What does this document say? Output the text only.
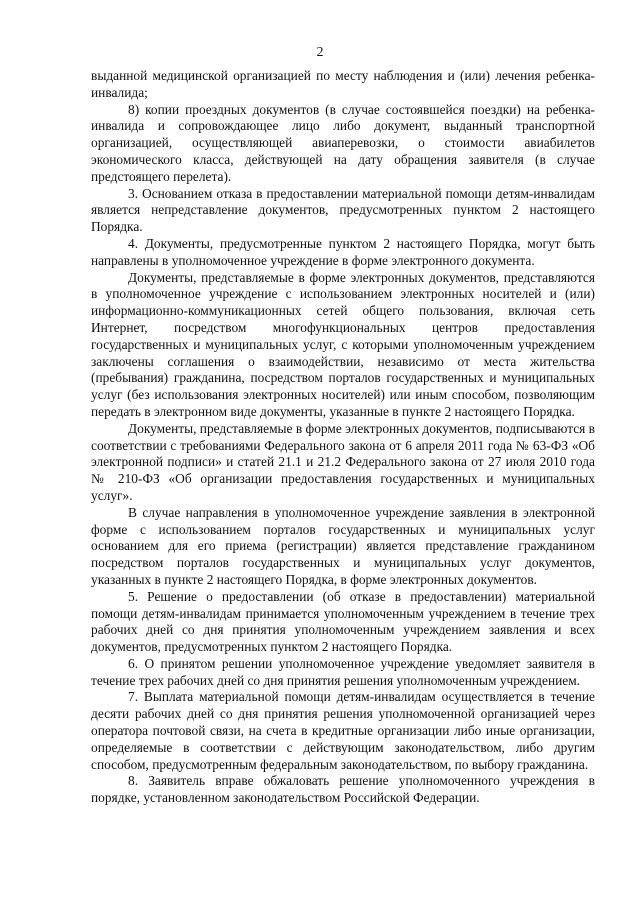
2

выданной медицинской организацией по месту наблюдения и (или) лечения ребенка-инвалида;

8) копии проездных документов (в случае состоявшейся поездки) на ребенка-инвалида и сопровождающее лицо либо документ, выданный транспортной организацией, осуществляющей авиаперевозки, о стоимости авиабилетов экономического класса, действующей на дату обращения заявителя (в случае предстоящего перелета).

3. Основанием отказа в предоставлении материальной помощи детям-инвалидам является непредставление документов, предусмотренных пунктом 2 настоящего Порядка.

4. Документы, предусмотренные пунктом 2 настоящего Порядка, могут быть направлены в уполномоченное учреждение в форме электронного документа.

Документы, представляемые в форме электронных документов, представляются в уполномоченное учреждение с использованием электронных носителей и (или) информационно-коммуникационных сетей общего пользования, включая сеть Интернет, посредством многофункциональных центров предоставления государственных и муниципальных услуг, с которыми уполномоченным учреждением заключены соглашения о взаимодействии, независимо от места жительства (пребывания) гражданина, посредством порталов государственных и муниципальных услуг (без использования электронных носителей) или иным способом, позволяющим передать в электронном виде документы, указанные в пункте 2 настоящего Порядка.

Документы, представляемые в форме электронных документов, подписываются в соответствии с требованиями Федерального закона от 6 апреля 2011 года № 63-ФЗ «Об электронной подписи» и статей 21.1 и 21.2 Федерального закона от 27 июля 2010 года № 210-ФЗ «Об организации предоставления государственных и муниципальных услуг».

В случае направления в уполномоченное учреждение заявления в электронной форме с использованием порталов государственных и муниципальных услуг основанием для его приема (регистрации) является представление гражданином посредством порталов государственных и муниципальных услуг документов, указанных в пункте 2 настоящего Порядка, в форме электронных документов.

5. Решение о предоставлении (об отказе в предоставлении) материальной помощи детям-инвалидам принимается уполномоченным учреждением в течение трех рабочих дней со дня принятия уполномоченным учреждением заявления и всех документов, предусмотренных пунктом 2 настоящего Порядка.

6. О принятом решении уполномоченное учреждение уведомляет заявителя в течение трех рабочих дней со дня принятия решения уполномоченным учреждением.

7. Выплата материальной помощи детям-инвалидам осуществляется в течение десяти рабочих дней со дня принятия решения уполномоченной организацией через оператора почтовой связи, на счета в кредитные организации либо иные организации, определяемые в соответствии с действующим законодательством, либо другим способом, предусмотренным федеральным законодательством, по выбору гражданина.

8. Заявитель вправе обжаловать решение уполномоченного учреждения в порядке, установленном законодательством Российской Федерации.
